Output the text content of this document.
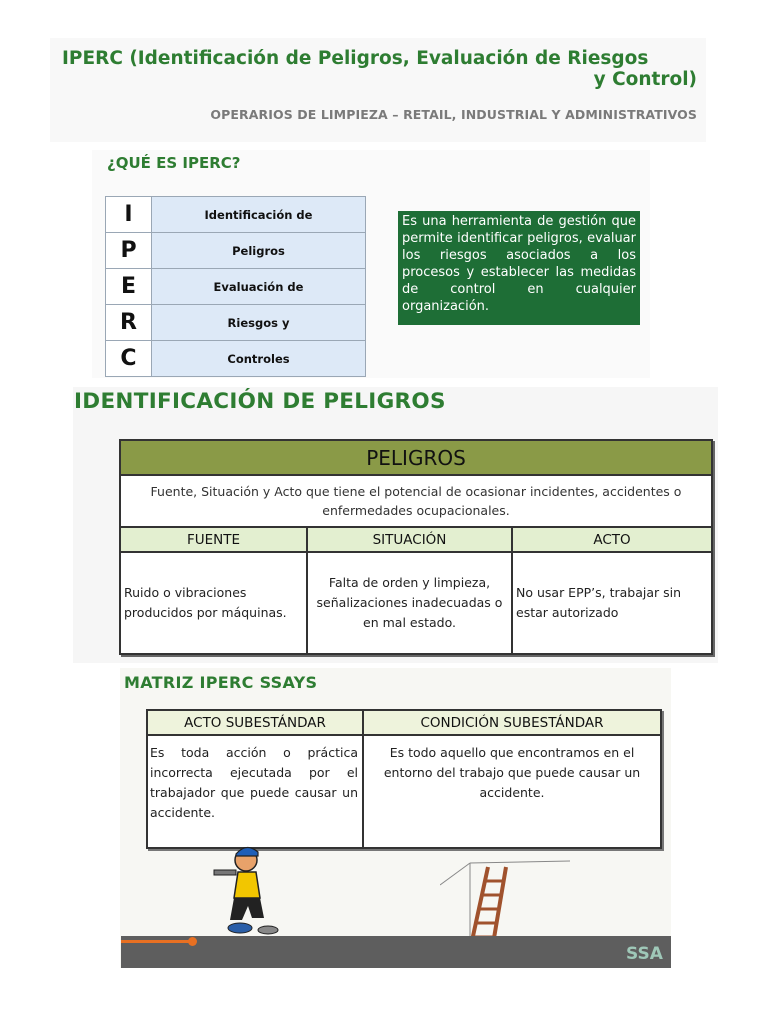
IPERC (Identificación de Peligros, Evaluación de Riesgos
y Control)
OPERARIOS DE LIMPIEZA – RETAIL, INDUSTRIAL Y ADMINISTRATIVOS
¿QUÉ ES IPERC?
I	Identificación de
P	Peligros
E	Evaluación de
R	Riesgos y
C	Controles
Es una herramienta de gestión que permite identificar peligros, evaluar los riesgos asociados a los procesos y establecer las medidas de control en cualquier organización.
IDENTIFICACIÓN DE PELIGROS
PELIGROS		
Fuente, Situación y Acto que tiene el potencial de ocasionar incidentes, accidentes o enfermedades ocupacionales.		
FUENTE	SITUACIÓN	ACTO
Ruido o vibraciones producidos por máquinas.	Falta de orden y limpieza, señalizaciones inadecuadas o en mal estado.	No usar EPP’s, trabajar sin estar autorizado
MATRIZ IPERC SSAYS
ACTO SUBESTÁNDAR	CONDICIÓN SUBESTÁNDAR
Es toda acción o práctica incorrecta ejecutada por el trabajador que puede causar un accidente.	Es todo aquello que encontramos en el entorno del trabajo que puede causar un accidente.
SSA
